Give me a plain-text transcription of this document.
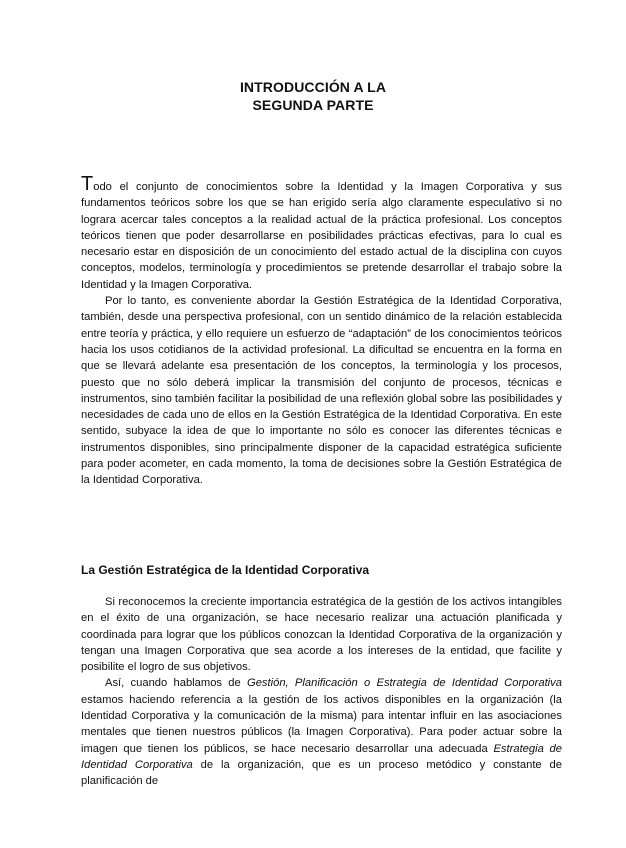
INTRODUCCIÓN A LA
SEGUNDA PARTE

Todo el conjunto de conocimientos sobre la Identidad y la Imagen Corporativa y sus fundamentos teóricos sobre los que se han erigido sería algo claramente especulativo si no lograra acercar tales conceptos a la realidad actual de la práctica profesional. Los conceptos teóricos tienen que poder desarrollarse en posibilidades prácticas efectivas, para lo cual es necesario estar en disposición de un conocimiento del estado actual de la disciplina con cuyos conceptos, modelos, terminología y procedimientos se pretende desarrollar el trabajo sobre la Identidad y la Imagen Corporativa.

Por lo tanto, es conveniente abordar la Gestión Estratégica de la Identidad Corporativa, también, desde una perspectiva profesional, con un sentido dinámico de la relación establecida entre teoría y práctica, y ello requiere un esfuerzo de “adaptación” de los conocimientos teóricos hacia los usos cotidianos de la actividad profesional. La dificultad se encuentra en la forma en que se llevará adelante esa presentación de los conceptos, la terminología y los procesos, puesto que no sólo deberá implicar la transmisión del conjunto de procesos, técnicas e instrumentos, sino también facilitar la posibilidad de una reflexión global sobre las posibilidades y necesidades de cada uno de ellos en la Gestión Estratégica de la Identidad Corporativa. En este sentido, subyace la idea de que lo importante no sólo es conocer las diferentes técnicas e instrumentos disponibles, sino principalmente disponer de la capacidad estratégica suficiente para poder acometer, en cada momento, la toma de decisiones sobre la Gestión Estratégica de la Identidad Corporativa.

La Gestión Estratégica de la Identidad Corporativa

Si reconocemos la creciente importancia estratégica de la gestión de los activos intangibles en el éxito de una organización, se hace necesario realizar una actuación planificada y coordinada para lograr que los públicos conozcan la Identidad Corporativa de la organización y tengan una Imagen Corporativa que sea acorde a los intereses de la entidad, que facilite y posibilite el logro de sus objetivos.

Así, cuando hablamos de Gestión, Planificación o Estrategia de Identidad Corporativa estamos haciendo referencia a la gestión de los activos disponibles en la organización (la Identidad Corporativa y la comunicación de la misma) para intentar influir en las asociaciones mentales que tienen nuestros públicos (la Imagen Corporativa). Para poder actuar sobre la imagen que tienen los públicos, se hace necesario desarrollar una adecuada Estrategia de Identidad Corporativa de la organización, que es un proceso metódico y constante de planificación de
